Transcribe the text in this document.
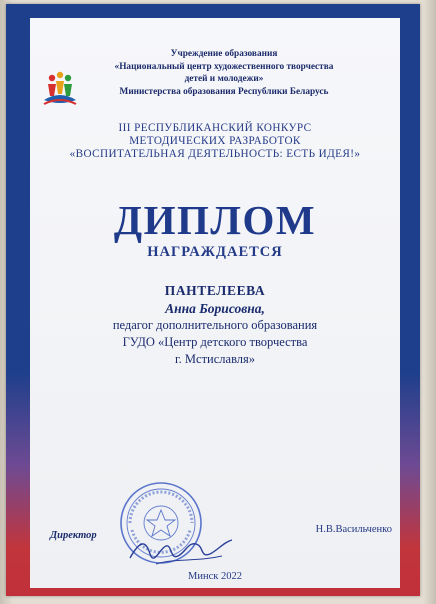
Учреждение образования
«Национальный центр художественного творчества
детей и молодежи»
Министерства образования Республики Беларусь
III РЕСПУБЛИКАНСКИЙ КОНКУРС
МЕТОДИЧЕСКИХ РАЗРАБОТОК
«ВОСПИТАТЕЛЬНАЯ ДЕЯТЕЛЬНОСТЬ: ЕСТЬ ИДЕЯ!»
ДИПЛОМ
НАГРАЖДАЕТСЯ
ПАНТЕЛЕЕВА
Анна Борисовна,
педагог дополнительного образования
ГУДО «Центр детского творчества
г. Мстиславля»
Директор
Н.В.Васильченко
Минск 2022
